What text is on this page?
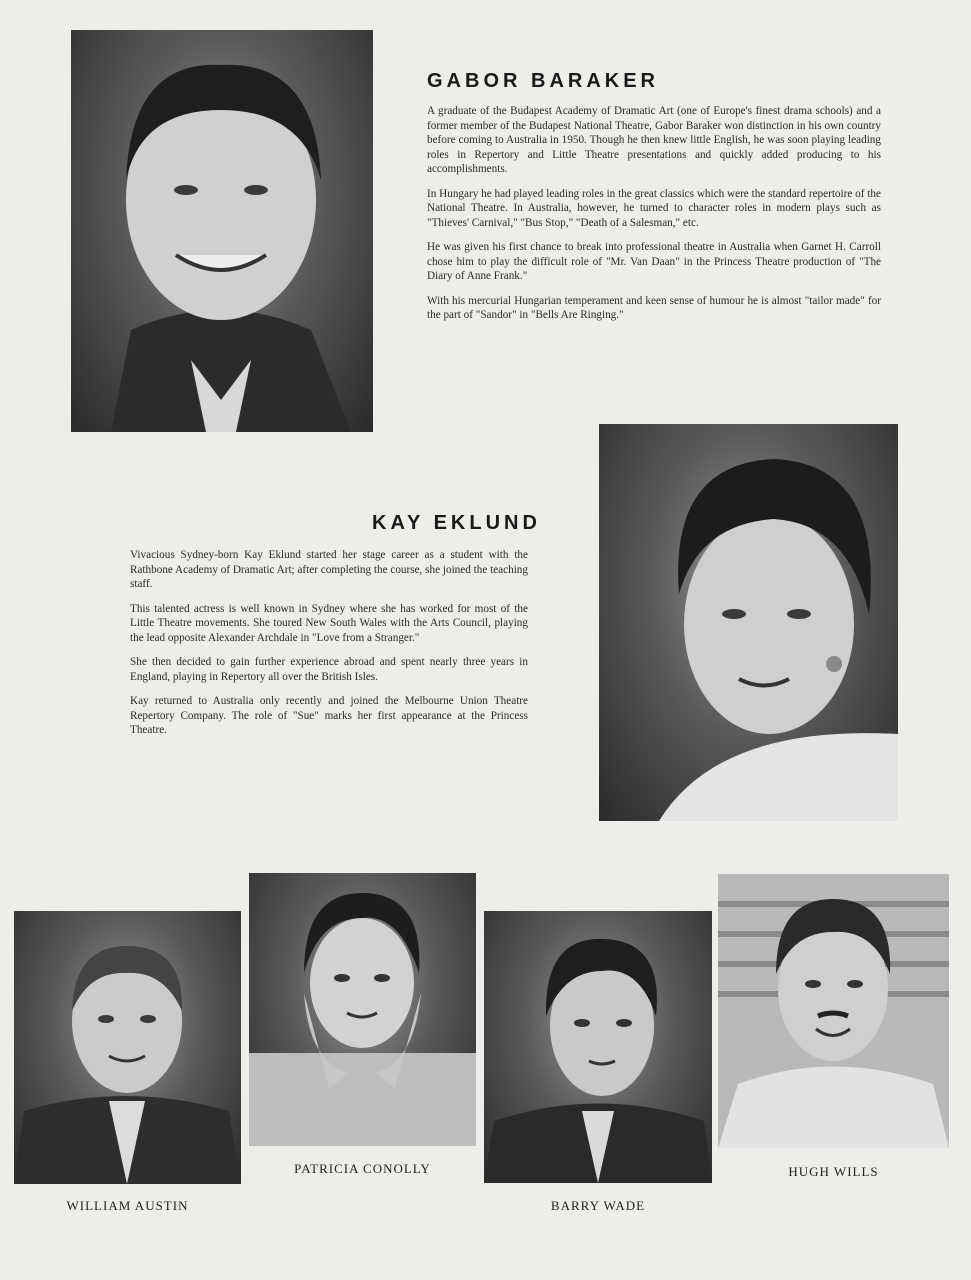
GABOR BARAKER

A graduate of the Budapest Academy of Dramatic Art (one of Europe's finest drama schools) and a former member of the Budapest National Theatre, Gabor Baraker won distinction in his own country before coming to Australia in 1950. Though he then knew little English, he was soon playing leading roles in Repertory and Little Theatre presentations and quickly added producing to his accomplishments.

In Hungary he had played leading roles in the great classics which were the standard repertoire of the National Theatre. In Australia, however, he turned to character roles in modern plays such as "Thieves' Carnival," "Bus Stop," "Death of a Salesman," etc.

He was given his first chance to break into professional theatre in Australia when Garnet H. Carroll chose him to play the difficult role of "Mr. Van Daan" in the Princess Theatre production of "The Diary of Anne Frank."

With his mercurial Hungarian temperament and keen sense of humour he is almost "tailor made" for the part of "Sandor" in "Bells Are Ringing."

KAY EKLUND

Vivacious Sydney-born Kay Eklund started her stage career as a student with the Rathbone Academy of Dramatic Art; after completing the course, she joined the teaching staff.

This talented actress is well known in Sydney where she has worked for most of the Little Theatre movements. She toured New South Wales with the Arts Council, playing the lead opposite Alexander Archdale in "Love from a Stranger."

She then decided to gain further experience abroad and spent nearly three years in England, playing in Repertory all over the British Isles.

Kay returned to Australia only recently and joined the Melbourne Union Theatre Repertory Company. The role of "Sue" marks her first appearance at the Princess Theatre.

WILLIAM AUSTIN
PATRICIA CONOLLY
BARRY WADE
HUGH WILLS
